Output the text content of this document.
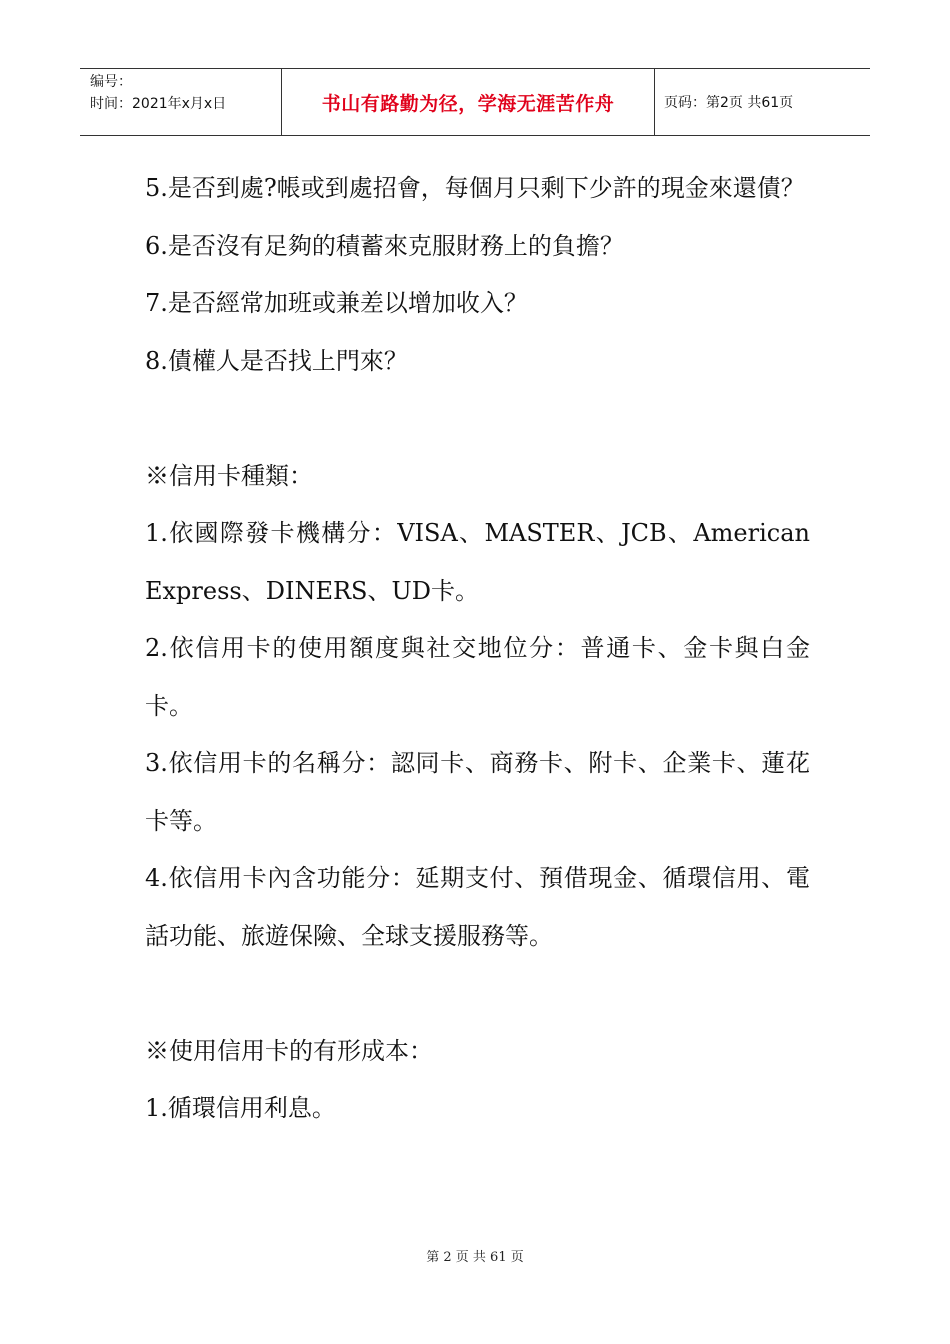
编号：
时间：2021年x月x日	书山有路勤为径，学海无涯苦作舟	页码：第2页 共61页

5.是否到處?帳或到處招會，每個月只剩下少許的現金來還債？

6.是否沒有足夠的積蓄來克服財務上的負擔？

7.是否經常加班或兼差以增加收入？

8.債權人是否找上門來？

※信用卡種類：

1.依國際發卡機構分：VISA、MASTER、JCB、American Express、DINERS、UD卡。

2.依信用卡的使用額度與社交地位分：普通卡、金卡與白金卡。

3.依信用卡的名稱分：認同卡、商務卡、附卡、企業卡、蓮花卡等。

4.依信用卡內含功能分：延期支付、預借現金、循環信用、電話功能、旅遊保險、全球支援服務等。

※使用信用卡的有形成本：

1.循環信用利息。

第 2 页 共 61 页
